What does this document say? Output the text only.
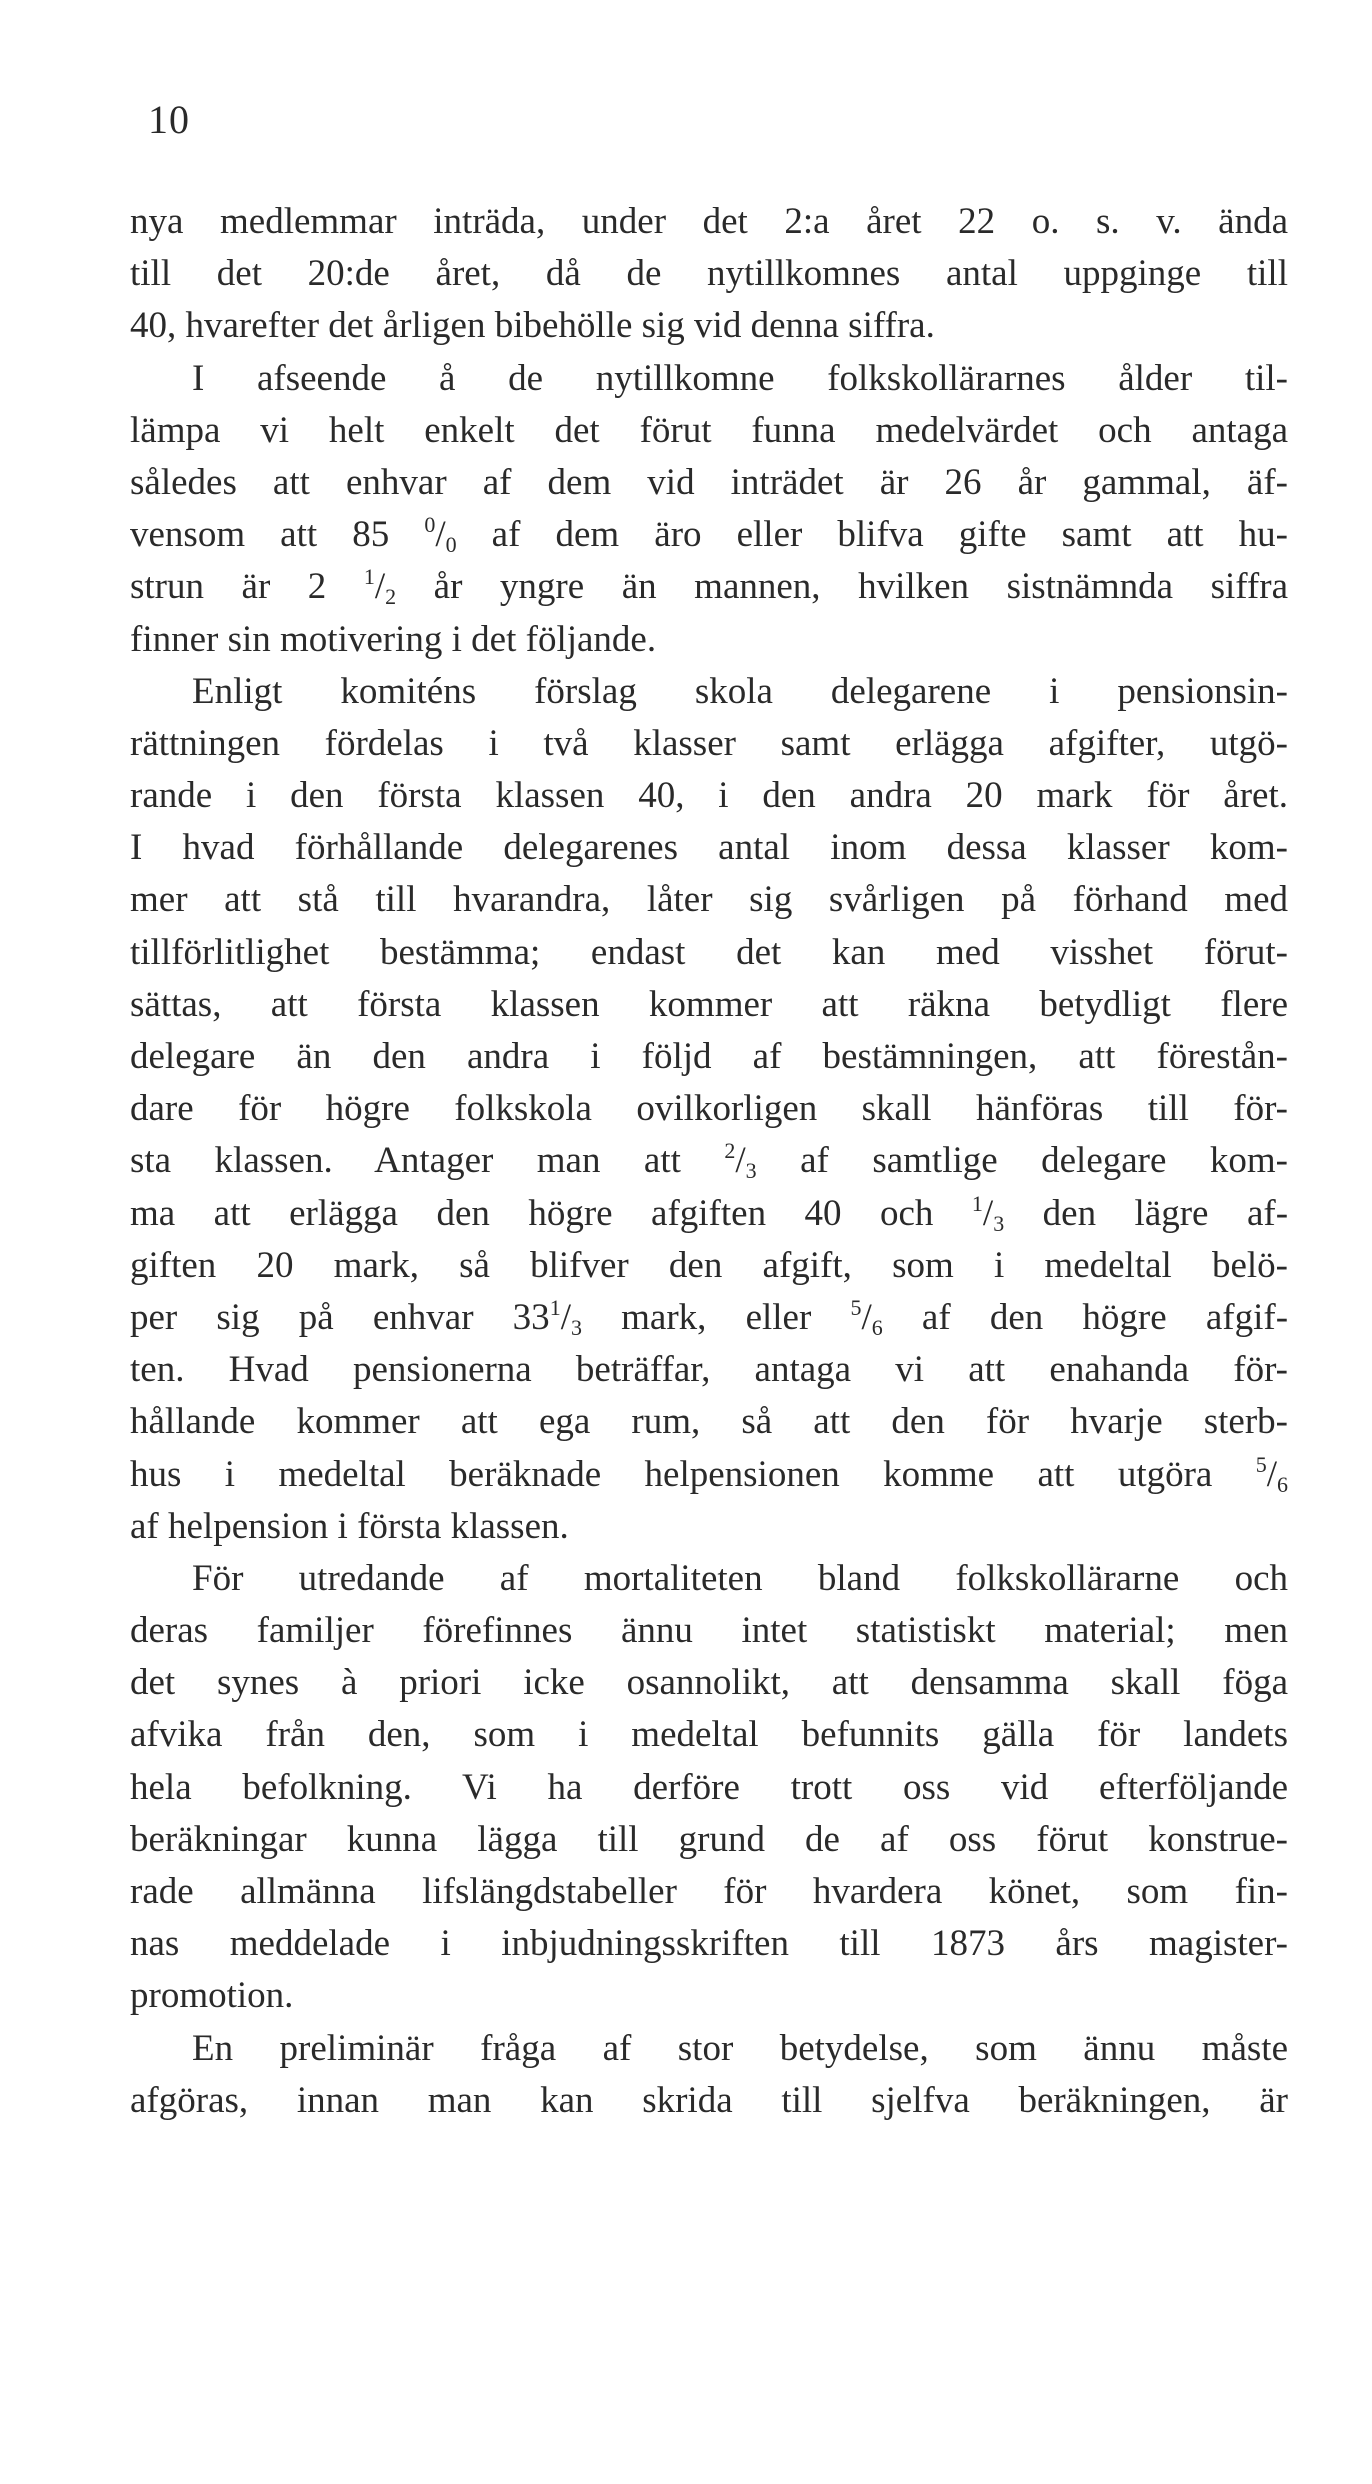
10
nya medlemmar inträda, under det 2:a året 22 o. s. v. ända
till det 20:de året, då de nytillkomnes antal uppginge till
40, hvarefter det årligen bibehölle sig vid denna siffra.
I afseende å de nytillkomne folkskollärarnes ålder til-
lämpa vi helt enkelt det förut funna medelvärdet och antaga
således att enhvar af dem vid inträdet är 26 år gammal, äf-
vensom att 85 $^0/_0$ af dem äro eller blifva gifte samt att hu-
strun är 2 $^1/_2$ år yngre än mannen, hvilken sistnämnda siffra
finner sin motivering i det följande.
Enligt komiténs förslag skola delegarene i pensionsin-
rättningen fördelas i två klasser samt erlägga afgifter, utgö-
rande i den första klassen 40, i den andra 20 mark för året.
I hvad förhållande delegarenes antal inom dessa klasser kom-
mer att stå till hvarandra, låter sig svårligen på förhand med
tillförlitlighet bestämma; endast det kan med visshet förut-
sättas, att första klassen kommer att räkna betydligt flere
delegare än den andra i följd af bestämningen, att förestån-
dare för högre folkskola ovilkorligen skall hänföras till för-
sta klassen. Antager man att $^2/_3$ af samtlige delegare kom-
ma att erlägga den högre afgiften 40 och $^1/_3$ den lägre af-
giften 20 mark, så blifver den afgift, som i medeltal belö-
per sig på enhvar $33^1/_3$ mark, eller $^5/_6$ af den högre afgif-
ten. Hvad pensionerna beträffar, antaga vi att enahanda för-
hållande kommer att ega rum, så att den för hvarje sterb-
hus i medeltal beräknade helpensionen komme att utgöra $^5/_6$
af helpension i första klassen.
För utredande af mortaliteten bland folkskollärarne och
deras familjer förefinnes ännu intet statistiskt material; men
det synes à priori icke osannolikt, att densamma skall föga
afvika från den, som i medeltal befunnits gälla för landets
hela befolkning. Vi ha derföre trott oss vid efterföljande
beräkningar kunna lägga till grund de af oss förut konstrue-
rade allmänna lifslängdstabeller för hvardera könet, som fin-
nas meddelade i inbjudningsskriften till 1873 års magister-
promotion.
En preliminär fråga af stor betydelse, som ännu måste
afgöras, innan man kan skrida till sjelfva beräkningen, är
